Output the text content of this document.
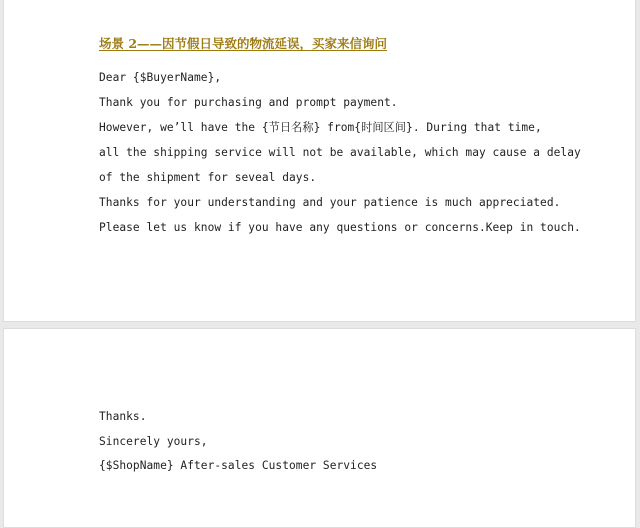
场景 2——因节假日导致的物流延误，买家来信询问
Dear {$BuyerName},
Thank you for purchasing and prompt payment.
However, we’ll have the {节日名称} from{时间区间}. During that time,
all the shipping service will not be available, which may cause a delay
of the shipment for seveal days.
Thanks for your understanding and your patience is much appreciated.
Please let us know if you have any questions or concerns.Keep in touch.
Thanks.
Sincerely yours,
{$ShopName} After-sales Customer Services
